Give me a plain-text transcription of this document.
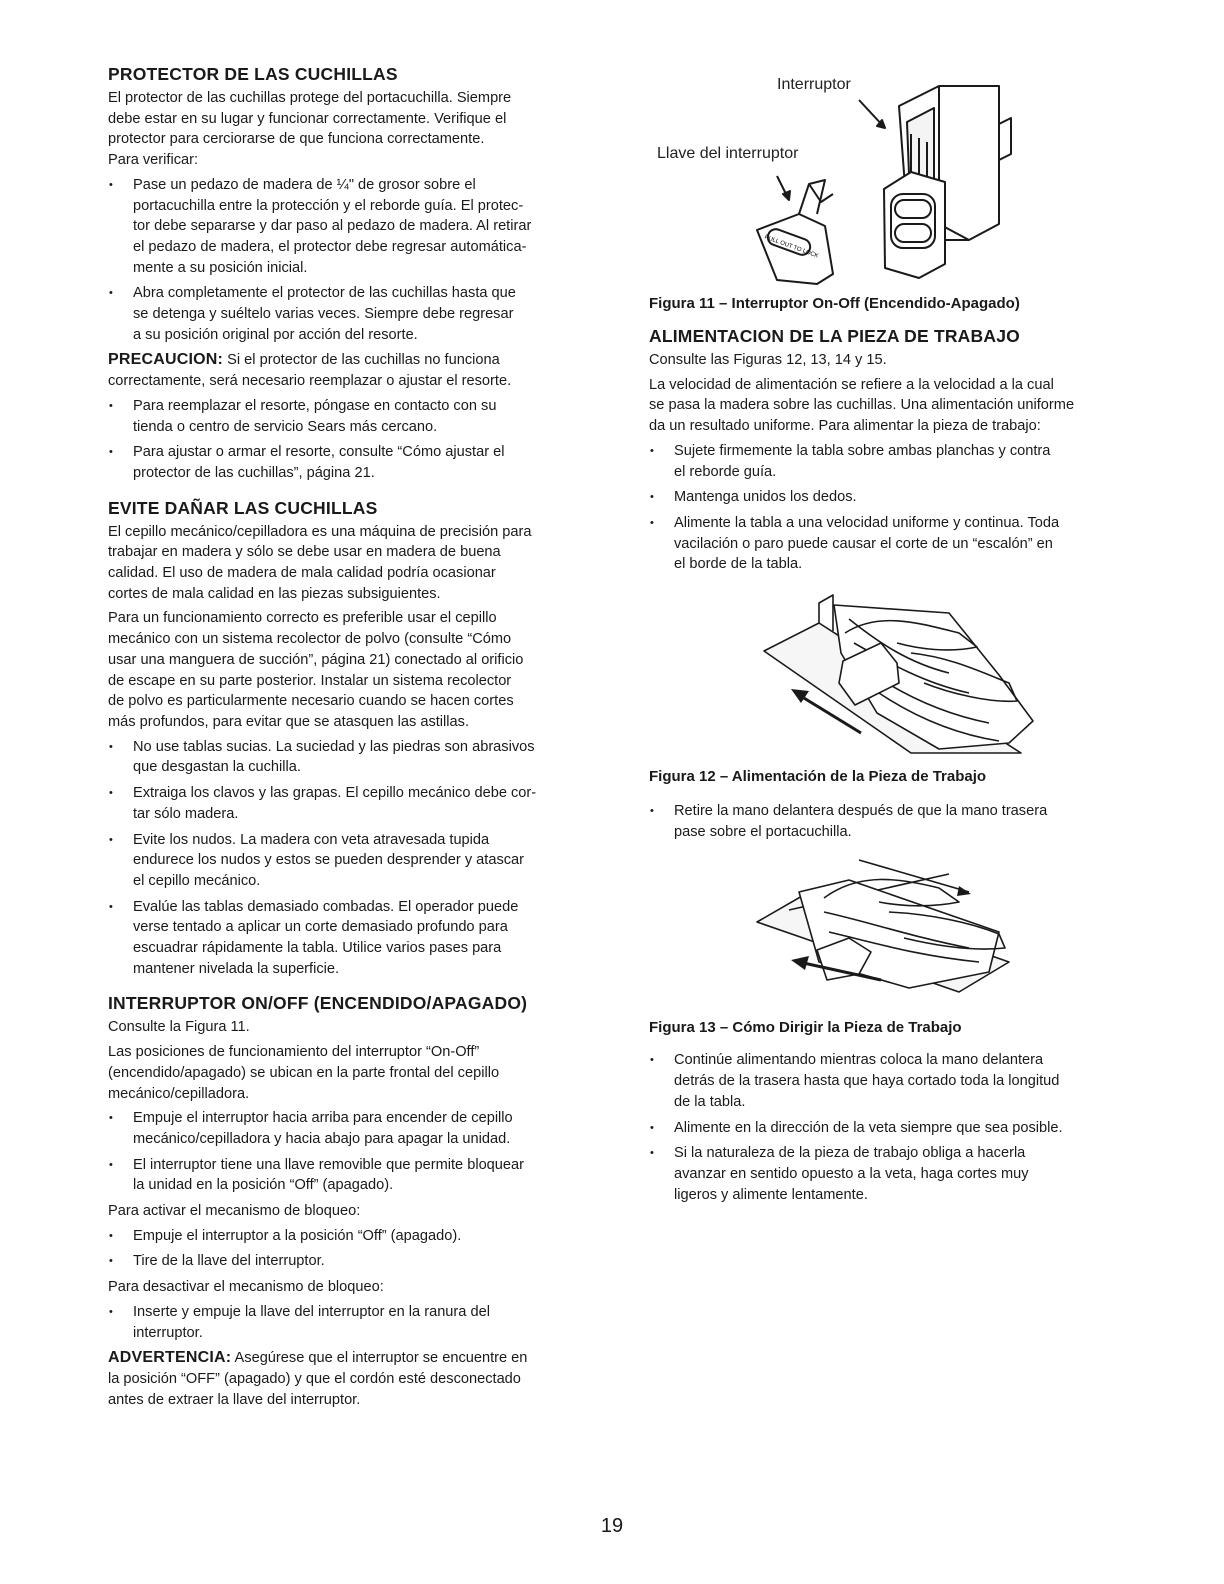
PROTECTOR DE LAS CUCHILLAS

El protector de las cuchillas protege del portacuchilla. Siempre
debe estar en su lugar y funcionar correctamente. Verifique el
protector para cerciorarse de que funciona correctamente.
Para verificar:

• Pase un pedazo de madera de ¼" de grosor sobre el
portacuchilla entre la protección y el reborde guía. El protec-
tor debe separarse y dar paso al pedazo de madera. Al retirar
el pedazo de madera, el protector debe regresar automática-
mente a su posición inicial.
• Abra completamente el protector de las cuchillas hasta que
se detenga y suéltelo varias veces. Siempre debe regresar
a su posición original por acción del resorte.

PRECAUCION: Si el protector de las cuchillas no funciona
correctamente, será necesario reemplazar o ajustar el resorte.

• Para reemplazar el resorte, póngase en contacto con su
tienda o centro de servicio Sears más cercano.
• Para ajustar o armar el resorte, consulte “Cómo ajustar el
protector de las cuchillas”, página 21.
EVITE DAÑAR LAS CUCHILLAS

El cepillo mecánico/cepilladora es una máquina de precisión para
trabajar en madera y sólo se debe usar en madera de buena
calidad. El uso de madera de mala calidad podría ocasionar
cortes de mala calidad en las piezas subsiguientes.

Para un funcionamiento correcto es preferible usar el cepillo
mecánico con un sistema recolector de polvo (consulte “Cómo
usar una manguera de succión”, página 21) conectado al orificio
de escape en su parte posterior. Instalar un sistema recolector
de polvo es particularmente necesario cuando se hacen cortes
más profundos, para evitar que se atasquen las astillas.

• No use tablas sucias. La suciedad y las piedras son abrasivos
que desgastan la cuchilla.
• Extraiga los clavos y las grapas. El cepillo mecánico debe cor-
tar sólo madera.
• Evite los nudos. La madera con veta atravesada tupida
endurece los nudos y estos se pueden desprender y atascar
el cepillo mecánico.
• Evalúe las tablas demasiado combadas. El operador puede
verse tentado a aplicar un corte demasiado profundo para
escuadrar rápidamente la tabla. Utilice varios pases para
mantener nivelada la superficie.
INTERRUPTOR ON/OFF (ENCENDIDO/APAGADO)

Consulte la Figura 11.

Las posiciones de funcionamiento del interruptor “On-Off”
(encendido/apagado) se ubican en la parte frontal del cepillo
mecánico/cepilladora.

• Empuje el interruptor hacia arriba para encender de cepillo
mecánico/cepilladora y hacia abajo para apagar la unidad.
• El interruptor tiene una llave removible que permite bloquear
la unidad en la posición “Off” (apagado).

Para activar el mecanismo de bloqueo:

• Empuje el interruptor a la posición “Off” (apagado).
• Tire de la llave del interruptor.

Para desactivar el mecanismo de bloqueo:

• Inserte y empuje la llave del interruptor en la ranura del
interruptor.

ADVERTENCIA: Asegúrese que el interruptor se encuentre en
la posición “OFF” (apagado) y que el cordón esté desconectado
antes de extraer la llave del interruptor.

Interruptor
Llave del interruptor
PULL OUT TO LOCK

Figura 11 – Interruptor On-Off (Encendido-Apagado)

ALIMENTACION DE LA PIEZA DE TRABAJO

Consulte las Figuras 12, 13, 14 y 15.

La velocidad de alimentación se refiere a la velocidad a la cual
se pasa la madera sobre las cuchillas. Una alimentación uniforme
da un resultado uniforme. Para alimentar la pieza de trabajo:

• Sujete firmemente la tabla sobre ambas planchas y contra
el reborde guía.
• Mantenga unidos los dedos.
• Alimente la tabla a una velocidad uniforme y continua. Toda
vacilación o paro puede causar el corte de un “escalón” en
el borde de la tabla.

Figura 12 – Alimentación de la Pieza de Trabajo

• Retire la mano delantera después de que la mano trasera
pase sobre el portacuchilla.

Figura 13 – Cómo Dirigir la Pieza de Trabajo

• Continúe alimentando mientras coloca la mano delantera
detrás de la trasera hasta que haya cortado toda la longitud
de la tabla.
• Alimente en la dirección de la veta siempre que sea posible.
• Si la naturaleza de la pieza de trabajo obliga a hacerla
avanzar en sentido opuesto a la veta, haga cortes muy
ligeros y alimente lentamente.
19
